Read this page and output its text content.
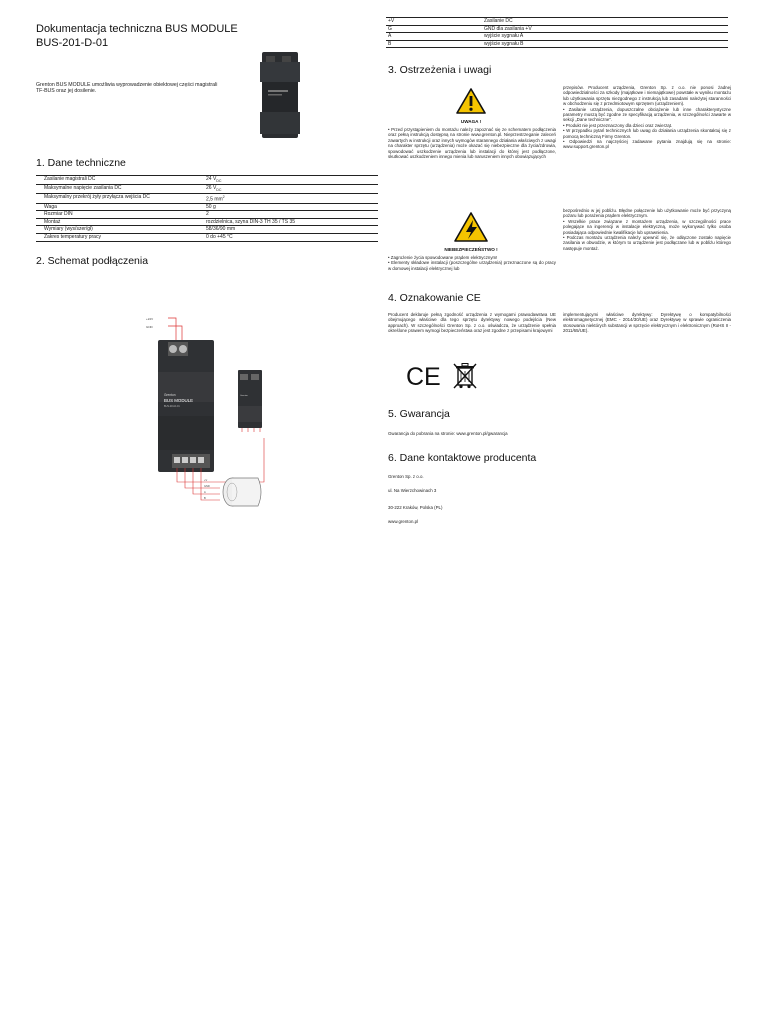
Dokumentacja techniczna BUS MODULE
BUS-201-D-01
Grenton BUS MODULE umożliwia wyprowadzenie obiektowej części magistrali TF-BUS oraz jej dosilenie.
1. Dane techniczne
Zasilanie magistrali DC	24 $V_{DC}$
Maksymalne napięcie zasilania DC	26 $V_{DC}$
Maksymalny przekrój żyły przyłącza wejścia DC	2,5 $mm^2$
Waga	50 g
Rozmiar DIN	2
Montaż	rozdzielnica, szyna DIN-3 TH 35 / TS 35
Wymiary (wys/szer/gł)	58/36/90 mm
Zakres temperatury pracy	0 do +45 °C
2. Schemat podłączenia
+24V
GND
Grenton
BUS MODULE
BUS-201-D-01
Grenton
+V
GND
A
B
+V	Zasilanie DC
G	GND dla zasilania +V
A	wyjście sygnału A
B	wyjście sygnału B
3. Ostrzeżenia i uwagi
UWAGA !
• Przed przystąpieniem do montażu należy zapoznać się ze schematem podłączenia oraz pełną instrukcją dostępną na stronie www.grenton.pl. Nieprzestrzeganie zaleceń zawartych w instrukcji oraz innych wymogów starannego działania właściwych z uwagi na charakter sprzętu (urządzenia) może okazać się niebezpieczne dla życia/zdrowia, spowodować uszkodzenie urządzenia lub instalacji do której jest podłączone, skutkować uszkodzeniem innego mienia lub naruszeniem innych obowiązujących
przepisów. Producent urządzenia, Grenton Sp. z o.o. nie ponosi żadnej odpowiedzialności za szkody (majątkowe i niemajątkowe) powstałe w wyniku montażu lub użytkowania sprzętu niezgodnego z instrukcją lub zasadami należytej staranności w obchodzeniu się z przedmiotowym sprzętem (urządzeniem).
• Zasilanie urządzenia, dopuszczalne obciążenie lub inne charakterystyczne parametry muszą być zgodne ze specyfikacją urządzenia, w szczególności zawarte w sekcji „Dane techniczne".
• Produkt nie jest przeznaczony dla dzieci oraz zwierząt.
• W przypadku pytań technicznych lub uwag do działania urządzenia skontaktuj się z pomocą techniczną Firmy Grenton.
• Odpowiedzi na najczęściej zadawane pytania znajdują się na stronie: www.support.grenton.pl
NIEBEZPIECZEŃSTWO !
• Zagrożenie życia spowodowane prądem elektrycznym!
• Elementy składowe instalacji (poszczególne urządzenia) przeznaczone są do pracy w domowej instalacji elektrycznej lub
bezpośrednio w jej pobliżu. Błędne połączenie lub użytkowanie może być przyczyną pożaru lub porażenia prądem elektrycznym.
• Wszelkie prace związane z montażem urządzenia, w szczególności prace polegające na ingerencji w instalacje elektryczną, może wykonywać tylko osoba posiadająca odpowiednie kwalifikacje lub uprawnienia.
• Podczas montażu urządzenia należy upewnić się, że odłączone zostało napięcie zasilania w obwodzie, w którym to urządzenie jest podłączane lub w pobliżu którego następuje montaż.
4. Oznakowanie CE
Producent deklaruje pełną zgodność urządzenia z wymogami prawodawstwa UE obejmującego właściwe dla tego sprzętu dyrektywy nowego podejścia (New approach). W szczególności Grenton Sp. z o.o. oświadcza, że urządzenie spełnia określone prawem wymogi bezpieczeństwa oraz jest zgodne z przepisami krajowymi
implementującymi właściwe dyrektywy: Dyrektywę o kompatybilności elektromagnetycznej (EMC - 2014/30/UE) oraz Dyrektywę w sprawie ograniczenia stosowania niektórych substancji w sprzęcie elektrycznym i elektronicznym (RoHS II - 2011/65/UE).
CE
5. Gwarancja
Gwarancja do pobrania na stronie: www.grenton.pl/gwarancja
6. Dane kontaktowe producenta
Grenton Sp. z o.o.
ul. Na Wierzchowinach 3
30-222 Kraków, Polska (PL)
www.grenton.pl
